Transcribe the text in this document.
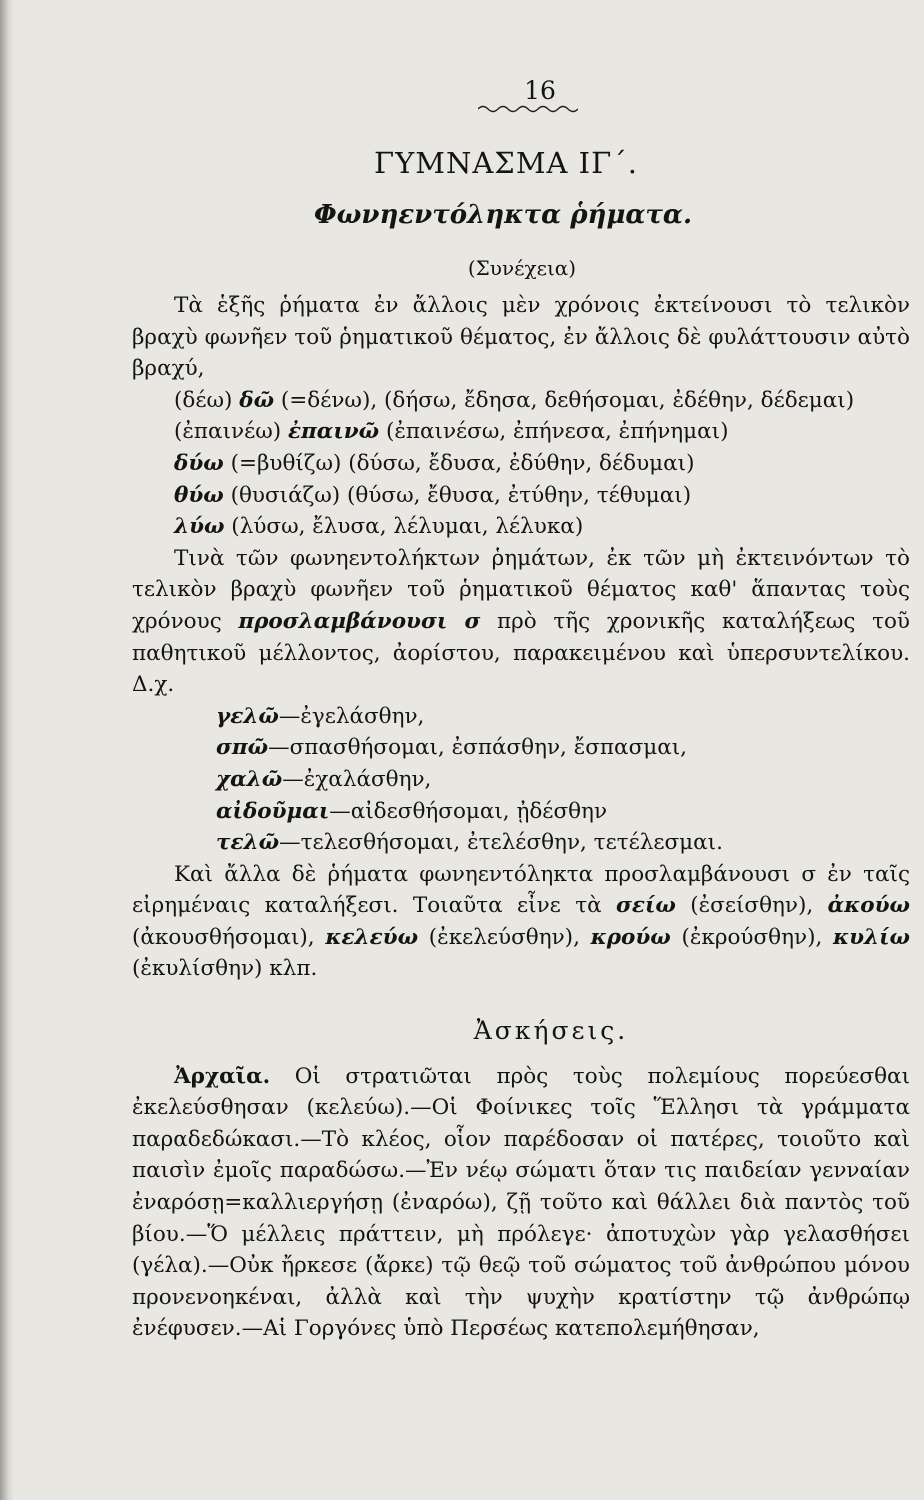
16
ΓΥΜΝΑΣΜΑ ΙΓ΄.
Φωνηεντόληκτα ῥήματα.
(Συνέχεια)

Τὰ ἑξῆς ῥήματα ἐν ἄλλοις μὲν χρόνοις ἐκτείνουσι τὸ τελικὸν βραχὺ φωνῆεν τοῦ ῥηματικοῦ θέματος, ἐν ἄλλοις δὲ φυλάττουσιν αὐτὸ βραχύ,

(δέω) δῶ (=δένω), (δήσω, ἔδησα, δεθήσομαι, ἐδέθην, δέδεμαι)

(ἐπαινέω) ἐπαινῶ (ἐπαινέσω, ἐπήνεσα, ἐπήνημαι)

δύω (=βυθίζω) (δύσω, ἔδυσα, ἐδύθην, δέδυμαι)

θύω (θυσιάζω) (θύσω, ἔθυσα, ἐτύθην, τέθυμαι)

λύω (λύσω, ἔλυσα, λέλυμαι, λέλυκα)

Τινὰ τῶν φωνηεντολήκτων ῥημάτων, ἐκ τῶν μὴ ἐκτεινόντων τὸ τελικὸν βραχὺ φωνῆεν τοῦ ῥηματικοῦ θέματος καθ' ἅπαντας τοὺς χρόνους προσλαμβάνουσι σ πρὸ τῆς χρονικῆς καταλήξεως τοῦ παθητικοῦ μέλλοντος, ἀορίστου, παρακειμένου καὶ ὑπερσυντελίκου. Δ.χ.

γελῶ—ἐγελάσθην,

σπῶ—σπασθήσομαι, ἐσπάσθην, ἔσπασμαι,

χαλῶ—ἐχαλάσθην,

αἰδοῦμαι—αἰδεσθήσομαι, ᾐδέσθην

τελῶ—τελεσθήσομαι, ἐτελέσθην, τετέλεσμαι.

Καὶ ἄλλα δὲ ῥήματα φωνηεντόληκτα προσλαμβάνουσι σ ἐν ταῖς εἰρημέναις καταλήξεσι. Τοιαῦτα εἶνε τὰ σείω (ἐσείσθην), ἀκούω (ἀκουσθήσομαι), κελεύω (ἐκελεύσθην), κρούω (ἐκρούσθην), κυλίω (ἐκυλίσθην) κλπ.

Ἀσκήσεις.

Ἀρχαῖα. Οἱ στρατιῶται πρὸς τοὺς πολεμίους πορεύεσθαι ἐκελεύσθησαν (κελεύω).—Οἱ Φοίνικες τοῖς Ἕλλησι τὰ γράμματα παραδεδώκασι.—Τὸ κλέος, οἷον παρέδοσαν οἱ πατέρες, τοιοῦτο καὶ παισὶν ἐμοῖς παραδώσω.—Ἐν νέῳ σώματι ὅταν τις παιδείαν γενναίαν ἐναρόσῃ=καλλιεργήσῃ (ἐναρόω), ζῇ τοῦτο καὶ θάλλει διὰ παντὸς τοῦ βίου.—Ὅ μέλλεις πράττειν, μὴ πρόλεγε· ἀποτυχὼν γὰρ γελασθήσει (γέλα).—Οὐκ ἤρκεσε (ἄρκε) τῷ θεῷ τοῦ σώματος τοῦ ἀνθρώπου μόνου προνενοηκέναι, ἀλλὰ καὶ τὴν ψυχὴν κρατίστην τῷ ἀνθρώπῳ ἐνέφυσεν.—Αἱ Γοργόνες ὑπὸ Περσέως κατεπολεμήθησαν,
